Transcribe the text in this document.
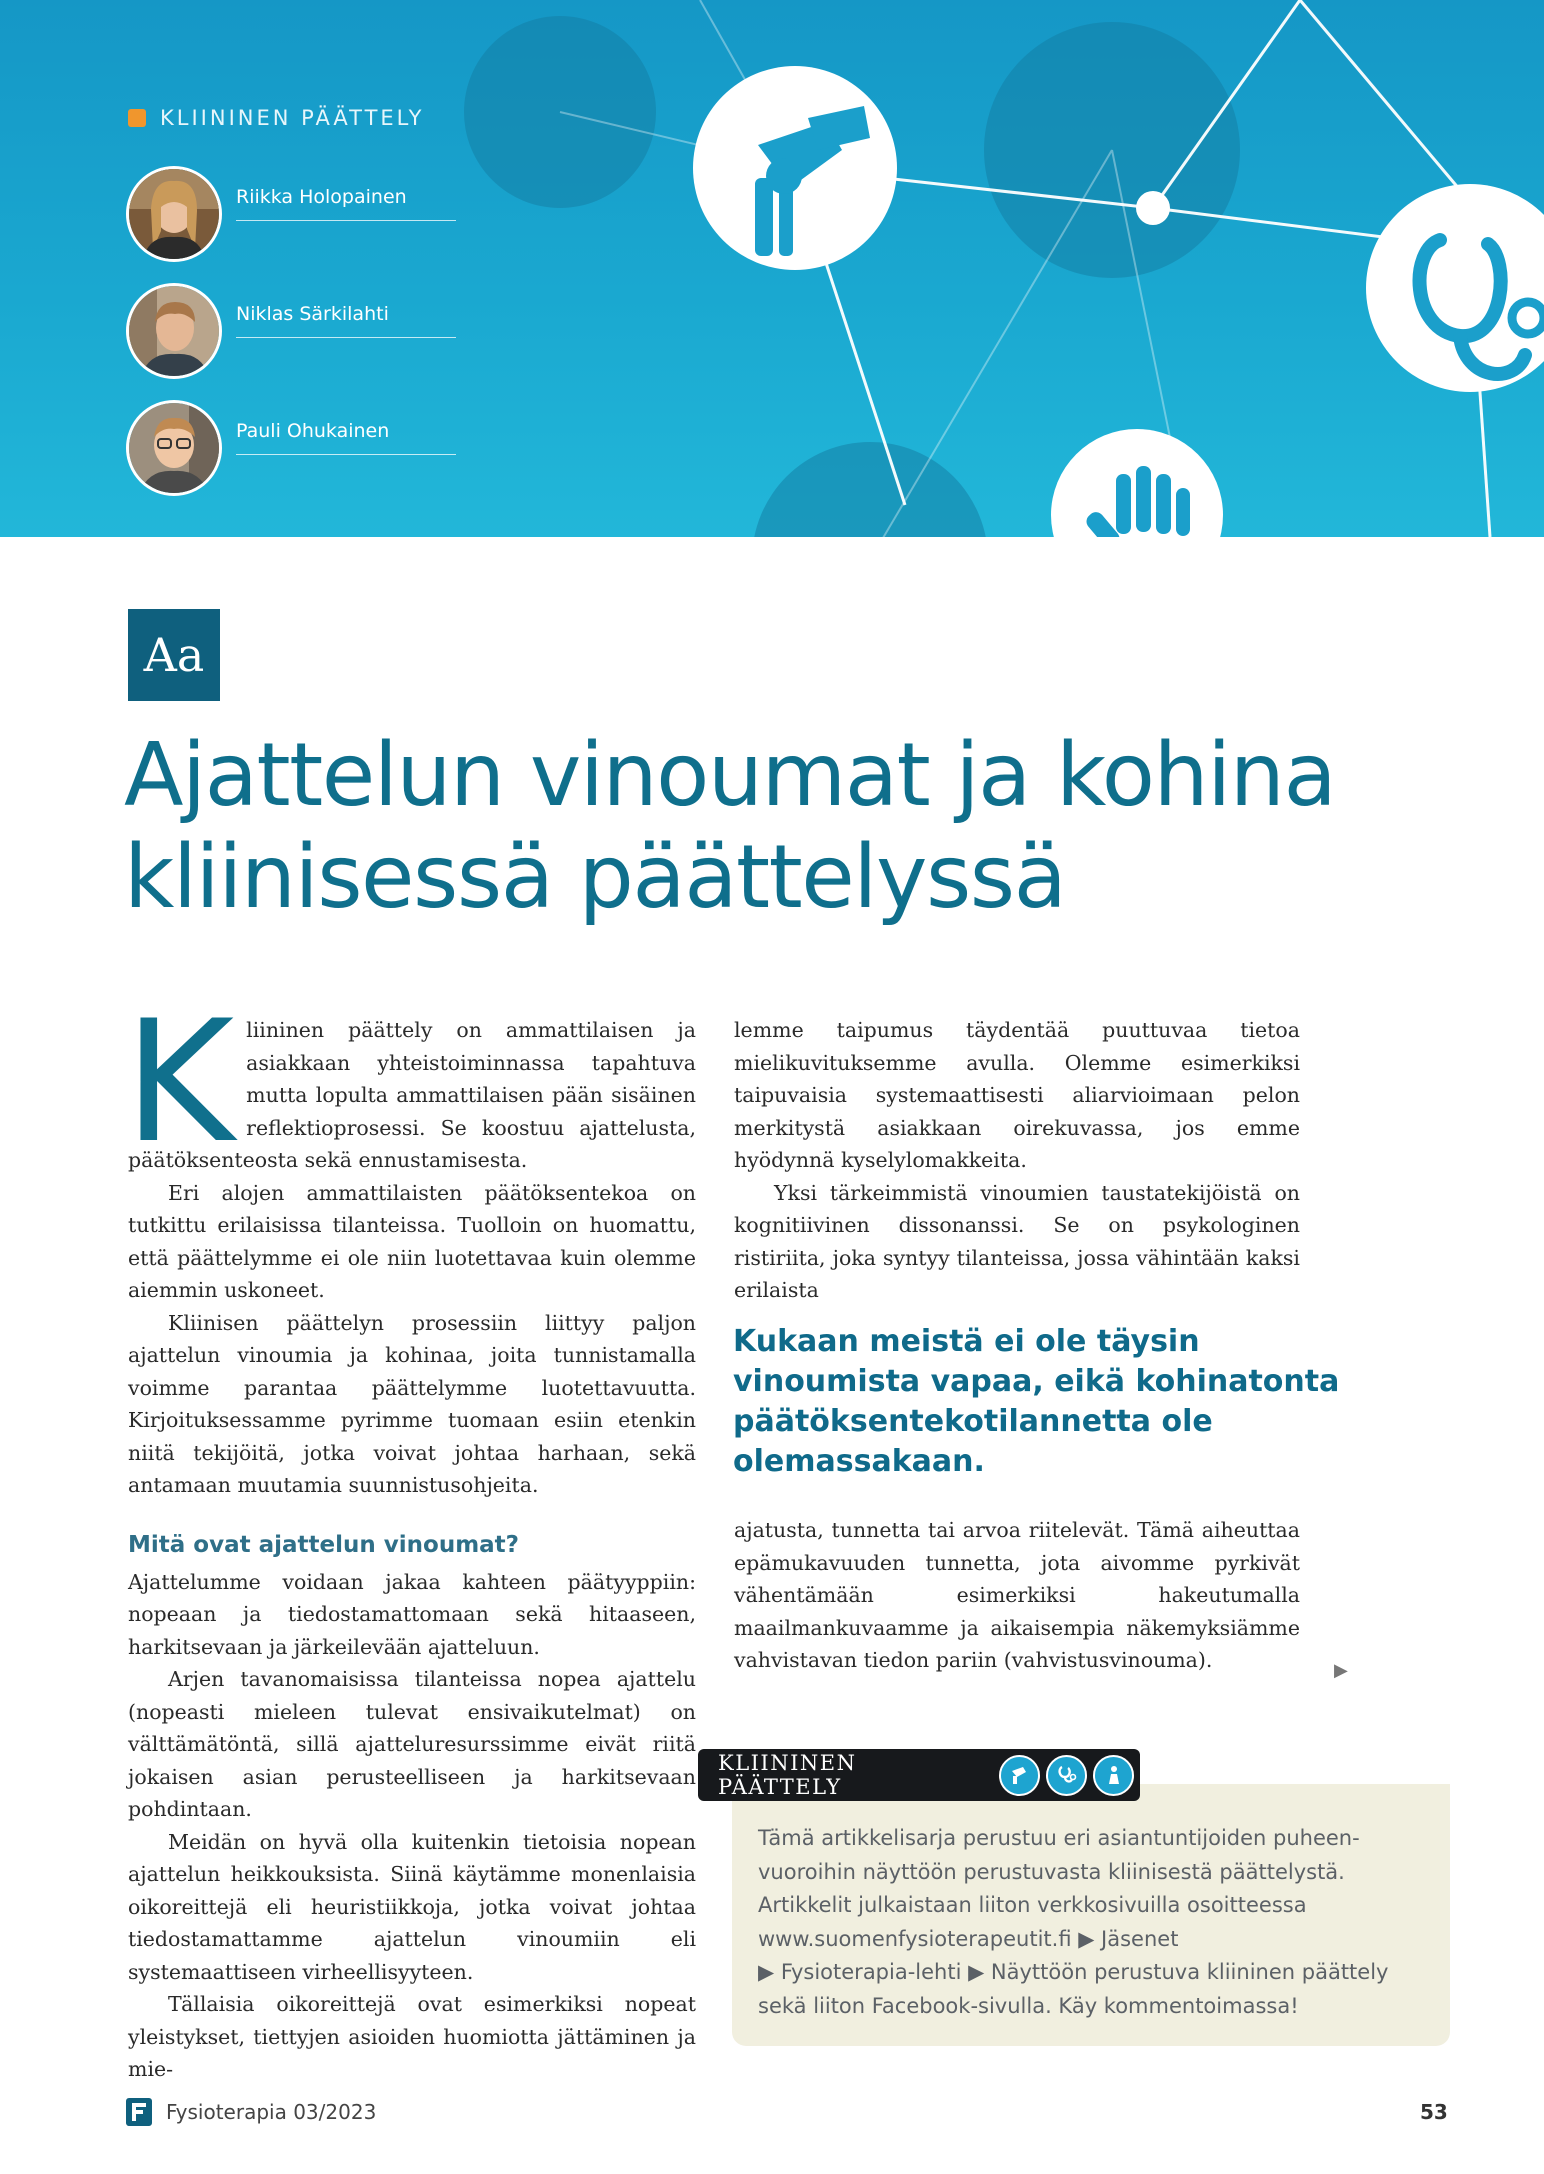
KLIININEN PÄÄTTELY
Riikka Holopainen
Niklas Särkilahti
Pauli Ohukainen
Aa
Ajattelun vinoumat ja kohina
kliinisessä päättelyssä

Kliininen päättely on ammattilaisen ja asiakkaan yhteistoiminnassa tapahtuva mutta lopulta ammattilaisen pään sisäinen reflektioprosessi. Se koostuu ajattelusta, päätöksenteosta sekä ennustamisesta.

Eri alojen ammattilaisten päätöksentekoa on tutkittu erilaisissa tilanteissa. Tuolloin on huomattu, että päättelymme ei ole niin luotettavaa kuin olemme aiemmin uskoneet.

Kliinisen päättelyn prosessiin liittyy paljon ajattelun vinoumia ja kohinaa, joita tunnistamalla voimme parantaa päättelymme luotettavuutta. Kirjoituksessamme pyrimme tuomaan esiin etenkin niitä tekijöitä, jotka voivat johtaa harhaan, sekä antamaan muutamia suunnistusohjeita.

Mitä ovat ajattelun vinoumat?

Ajattelumme voidaan jakaa kahteen päätyyppiin: nopeaan ja tiedostamattomaan sekä hitaaseen, harkitsevaan ja järkeilevään ajatteluun.

Arjen tavanomaisissa tilanteissa nopea ajattelu (nopeasti mieleen tulevat ensivaikutelmat) on välttämätöntä, sillä ajatteluresurssimme eivät riitä jokaisen asian perusteelliseen ja harkitsevaan pohdintaan.

Meidän on hyvä olla kuitenkin tietoisia nopean ajattelun heikkouksista. Siinä käytämme monenlaisia oikoreittejä eli heuristiikkoja, jotka voivat johtaa tiedostamattamme ajattelun vinoumiin eli systemaattiseen virheellisyyteen.

Tällaisia oikoreittejä ovat esimerkiksi nopeat yleistykset, tiettyjen asioiden huomiotta jättäminen ja mie-

lemme taipumus täydentää puuttuvaa tietoa mielikuvituksemme avulla. Olemme esimerkiksi taipuvaisia systemaattisesti aliarvioimaan pelon merkitystä asiakkaan oirekuvassa, jos emme hyödynnä kyselylomakkeita.

Yksi tärkeimmistä vinoumien taustatekijöistä on kognitiivinen dissonanssi. Se on psykologinen ristiriita, joka syntyy tilanteissa, jossa vähintään kaksi erilaista

Kukaan meistä ei ole täysin
vinoumista vapaa, eikä kohinatonta
päätöksentekotilannetta ole olemassakaan.

ajatusta, tunnetta tai arvoa riitelevät. Tämä aiheuttaa epämukavuuden tunnetta, jota aivomme pyrkivät vähentämään esimerkiksi hakeutumalla maailmankuvaamme ja aikaisempia näkemyksiämme vahvistavan tiedon pariin (vahvistusvinouma).	▶
KLIININEN PÄÄTTELY

Tämä artikkelisarja perustuu eri asiantuntijoiden puheen-
vuoroihin näyttöön perustuvasta kliinisestä päättelystä.
Artikkelit julkaistaan liiton verkkosivuilla osoitteessa
www.suomenfysioterapeutit.fi ▶ Jäsenet
▶ Fysioterapia-lehti ▶ Näyttöön perustuva kliininen päättely
sekä liiton Facebook-sivulla. Käy kommentoimassa!

Fysioterapia 03/2023	53
